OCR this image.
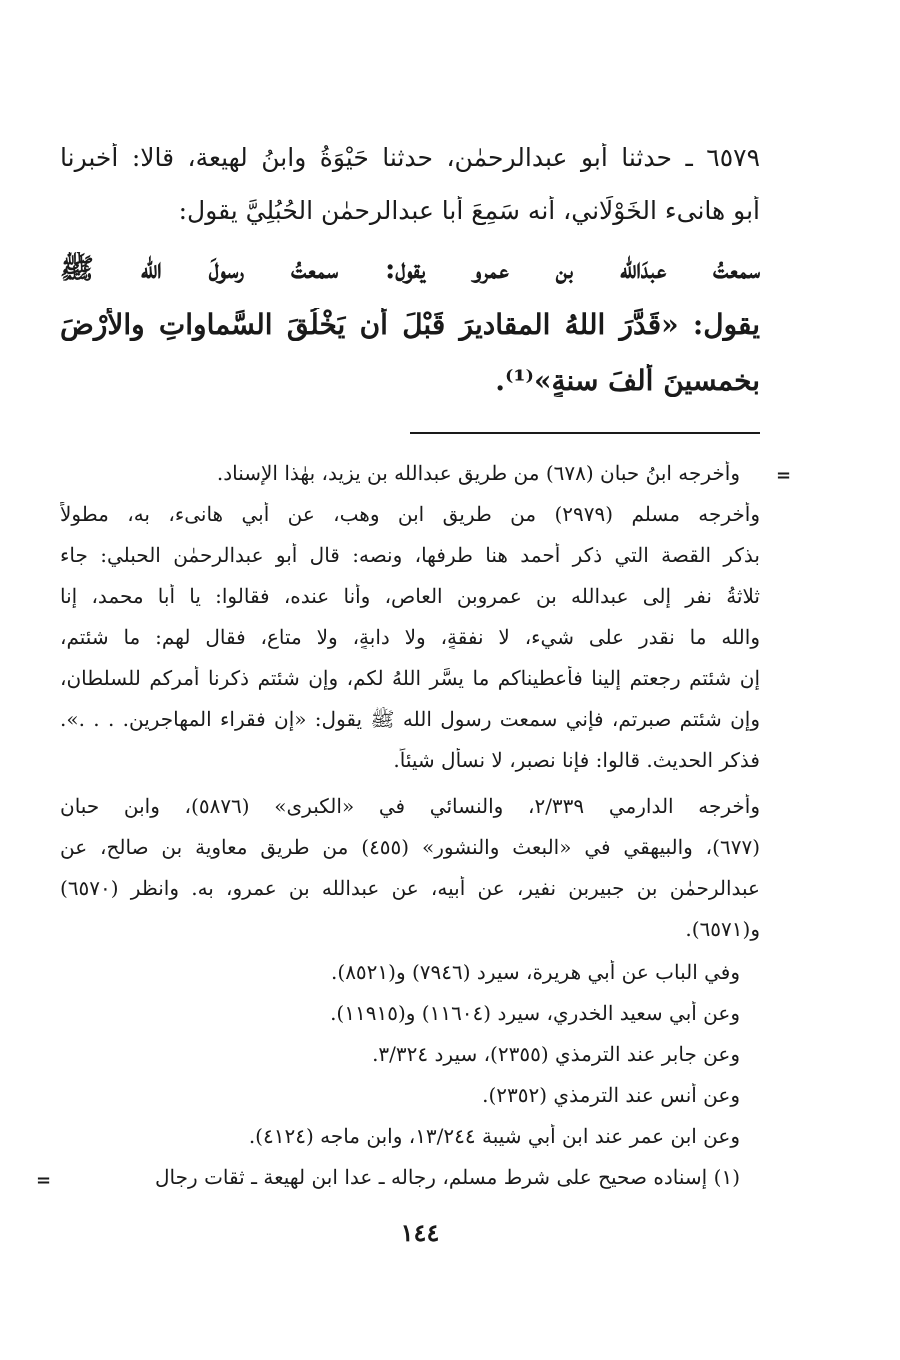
٦٥٧٩ ـ حدثنا أبو عبدالرحمٰن، حدثنا حَيْوَةُ وابنُ لهيعة، قالا: أخبرنا
أبو هانىء الخَوْلَاني، أنه سَمِعَ أبا عبدالرحمٰن الحُبُلِيَّ يقول:
سمعتُ عبدَالله بن عمرو يقول: سمعتُ رسولَ الله ﷺ
يقول: «قَدَّرَ اللهُ المقاديرَ قَبْلَ أن يَخْلُقَ السَّماواتِ والأَرْضَ
بخمسينَ ألفَ سنةٍ»⁽¹⁾.
=
=
وأخرجه ابنُ حبان (٦٧٨) من طريق عبدالله بن يزيد، بهٰذا الإسناد.
وأخرجه مسلم (٢٩٧٩) من طريق ابن وهب، عن أبي هانىء، به، مطولاً
بذكر القصة التي ذكر أحمد هنا طرفها، ونصه: قال أبو عبدالرحمٰن الحبلي: جاء
ثلاثةُ نفرٍ إلى عبدالله بن عمروبن العاص، وأنا عنده، فقالوا: يا أبا محمد، إنا
والله ما نقدر على شيء، لا نفقةٍ، ولا دابةٍ، ولا متاع، فقال لهم: ما شئتم،
إن شئتم رجعتم إلينا فأعطيناكم ما يسَّر اللهُ لكم، وإن شئتم ذكرنا أمركم للسلطان،
وإن شئتم صبرتم، فإني سمعت رسول الله ﷺ يقول: «إن فقراء المهاجرين. . . .».
فذكر الحديث. قالوا: فإنا نصبر، لا نسأل شيئاً.
وأخرجه الدارمي ٢/٣٣٩، والنسائي في «الكبرى» (٥٨٧٦)، وابن حبان
(٦٧٧)، والبيهقي في «البعث والنشور» (٤٥٥) من طريق معاوية بن صالح، عن
عبدالرحمٰن بن جبيربن نفير، عن أبيه، عن عبدالله بن عمرو، به. وانظر (٦٥٧٠)
و(٦٥٧١).
وفي الباب عن أبي هريرة، سيرد (٧٩٤٦) و(٨٥٢١).
وعن أبي سعيد الخدري، سيرد (١١٦٠٤) و(١١٩١٥).
وعن جابر عند الترمذي (٢٣٥٥)، سيرد ٣/٣٢٤.
وعن أنس عند الترمذي (٢٣٥٢).
وعن ابن عمر عند ابن أبي شيبة ١٣/٢٤٤، وابن ماجه (٤١٢٤).
(١) إسناده صحيح على شرط مسلم، رجاله ـ عدا ابن لهيعة ـ ثقات رجال
١٤٤
